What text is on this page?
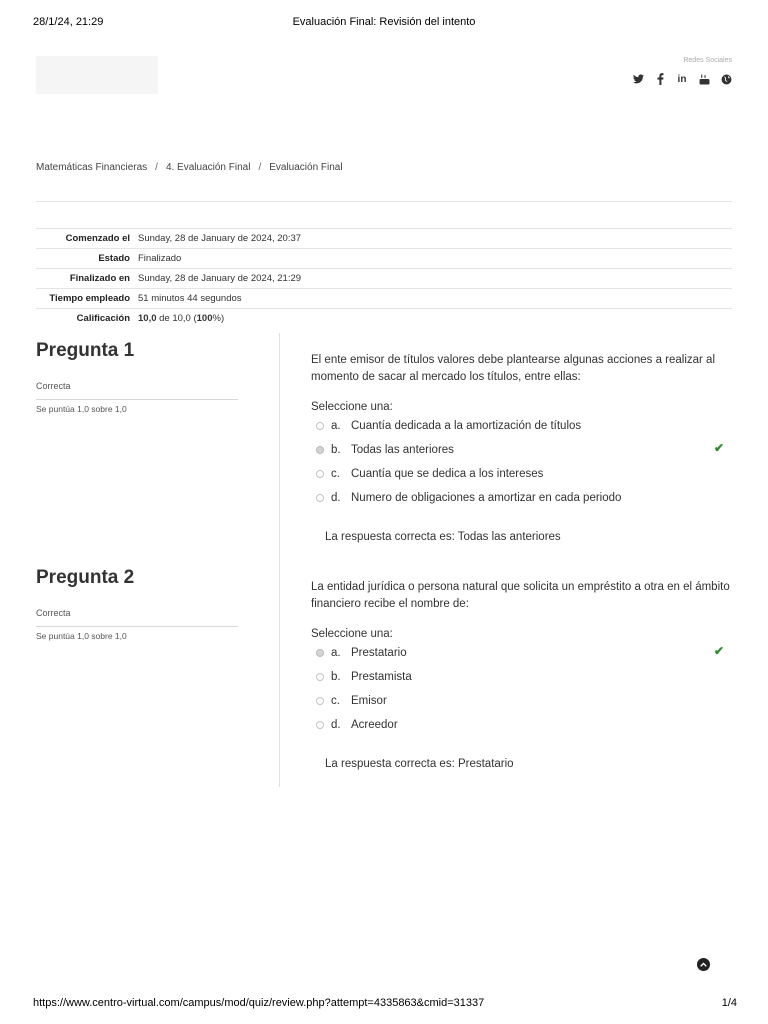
28/1/24, 21:29	Evaluación Final: Revisión del intento
Redes Sociales
in
Matemáticas Financieras / 4. Evaluación Final / Evaluación Final
Comenzado el	Sunday, 28 de January de 2024, 20:37
Estado	Finalizado
Finalizado en	Sunday, 28 de January de 2024, 21:29
Tiempo empleado	51 minutos 44 segundos
Calificación	10,0 de 10,0 (100%)
Pregunta 1
Correcta
Se puntúa 1,0 sobre 1,0
El ente emisor de títulos valores debe plantearse algunas acciones a realizar al momento de sacar al mercado los títulos, entre ellas:
Seleccione una:
a. Cuantía dedicada a la amortización de títulos
b. Todas las anteriores	✔
c. Cuantía que se dedica a los intereses
d. Numero de obligaciones a amortizar en cada periodo
La respuesta correcta es: Todas las anteriores
Pregunta 2
Correcta
Se puntúa 1,0 sobre 1,0
La entidad jurídica o persona natural que solicita un empréstito a otra en el ámbito financiero recibe el nombre de:
Seleccione una:
a. Prestatario	✔
b. Prestamista
c. Emisor
d. Acreedor
La respuesta correcta es: Prestatario
https://www.centro-virtual.com/campus/mod/quiz/review.php?attempt=4335863&cmid=31337	1/4
